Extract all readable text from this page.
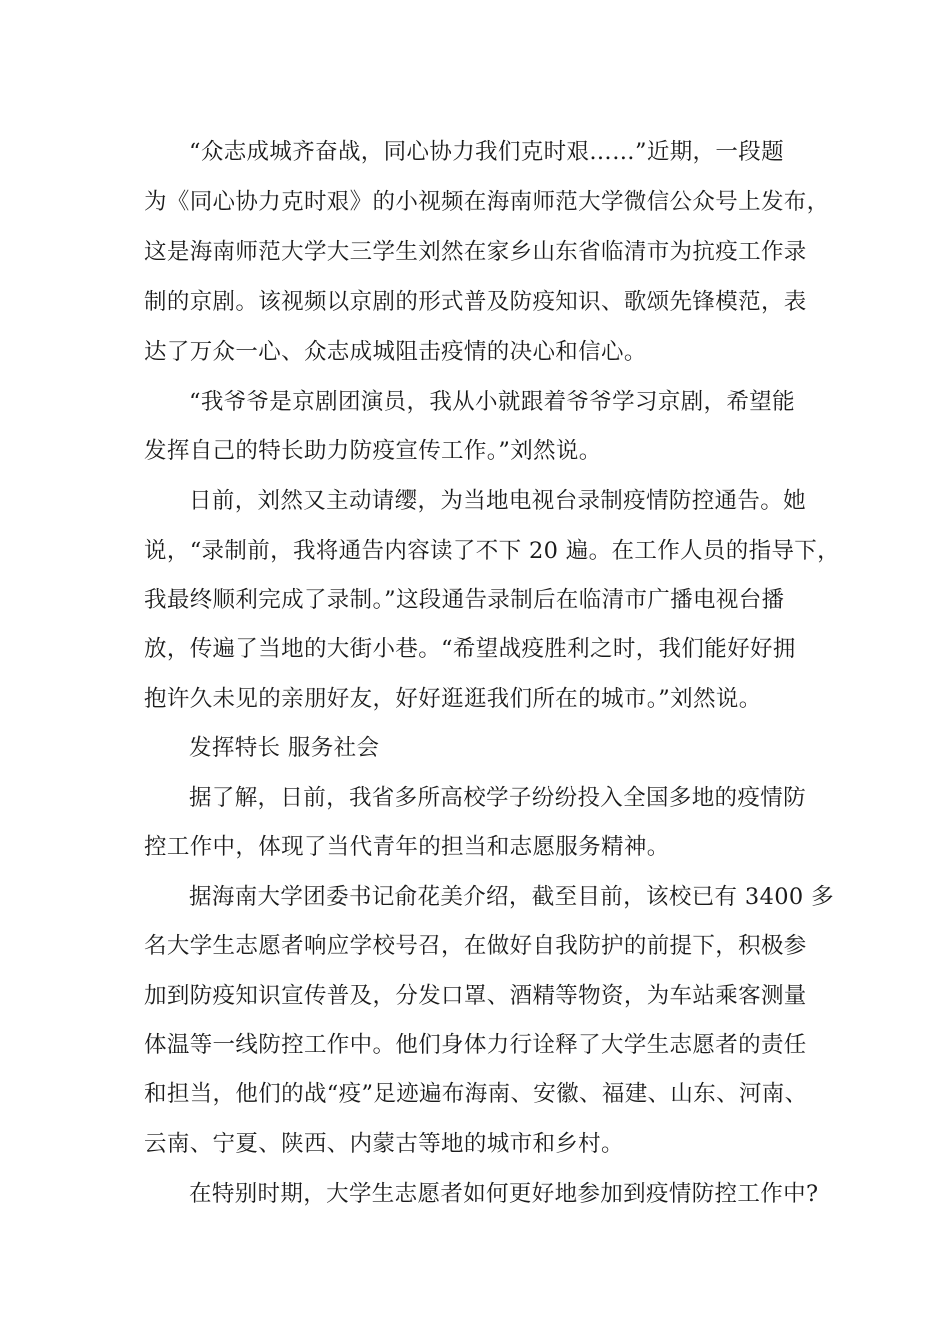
“众志成城齐奋战，同心协力我们克时艰……”近期，一段题
为《同心协力克时艰》的小视频在海南师范大学微信公众号上发布，
这是海南师范大学大三学生刘然在家乡山东省临清市为抗疫工作录
制的京剧。该视频以京剧的形式普及防疫知识、歌颂先锋模范，表
达了万众一心、众志成城阻击疫情的决心和信心。
“我爷爷是京剧团演员，我从小就跟着爷爷学习京剧，希望能
发挥自己的特长助力防疫宣传工作。”刘然说。
日前，刘然又主动请缨，为当地电视台录制疫情防控通告。她
说，“录制前，我将通告内容读了不下 20 遍。在工作人员的指导下，
我最终顺利完成了录制。”这段通告录制后在临清市广播电视台播
放，传遍了当地的大街小巷。“希望战疫胜利之时，我们能好好拥
抱许久未见的亲朋好友，好好逛逛我们所在的城市。”刘然说。
发挥特长 服务社会
据了解，日前，我省多所高校学子纷纷投入全国多地的疫情防
控工作中，体现了当代青年的担当和志愿服务精神。
据海南大学团委书记俞花美介绍，截至目前，该校已有 3400 多
名大学生志愿者响应学校号召，在做好自我防护的前提下，积极参
加到防疫知识宣传普及，分发口罩、酒精等物资，为车站乘客测量
体温等一线防控工作中。他们身体力行诠释了大学生志愿者的责任
和担当，他们的战“疫”足迹遍布海南、安徽、福建、山东、河南、
云南、宁夏、陕西、内蒙古等地的城市和乡村。
在特别时期，大学生志愿者如何更好地参加到疫情防控工作中?
